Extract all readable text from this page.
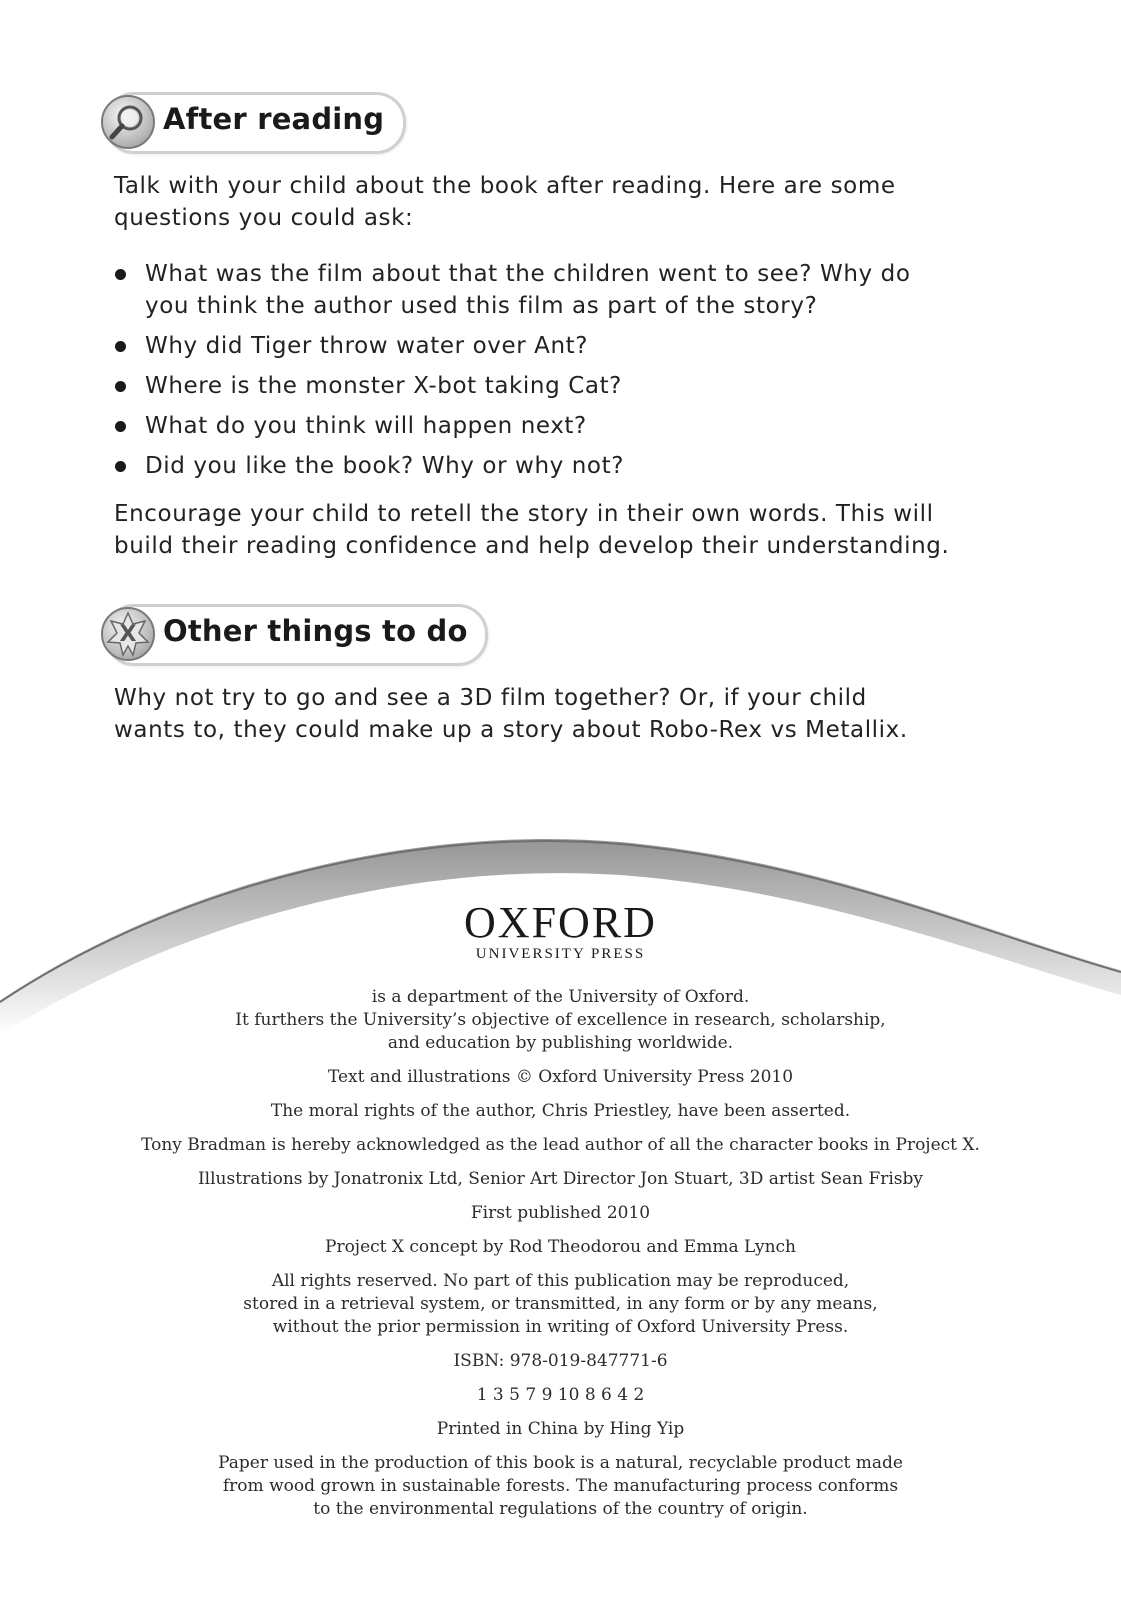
After reading
Talk with your child about the book after reading. Here are some
questions you could ask:
What was the film about that the children went to see? Why do
you think the author used this film as part of the story?
Why did Tiger throw water over Ant?
Where is the monster X-bot taking Cat?
What do you think will happen next?
Did you like the book? Why or why not?
Encourage your child to retell the story in their own words. This will
build their reading confidence and help develop their understanding.
X Other things to do
Why not try to go and see a 3D film together? Or, if your child
wants to, they could make up a story about Robo-Rex vs Metallix.
OXFORD
UNIVERSITY PRESS

is a department of the University of Oxford.
It furthers the University’s objective of excellence in research, scholarship,
and education by publishing worldwide.

Text and illustrations © Oxford University Press 2010

The moral rights of the author, Chris Priestley, have been asserted.

Tony Bradman is hereby acknowledged as the lead author of all the character books in Project X.

Illustrations by Jonatronix Ltd, Senior Art Director Jon Stuart, 3D artist Sean Frisby

First published 2010

Project X concept by Rod Theodorou and Emma Lynch

All rights reserved. No part of this publication may be reproduced,
stored in a retrieval system, or transmitted, in any form or by any means,
without the prior permission in writing of Oxford University Press.

ISBN: 978-019-847771-6

1 3 5 7 9 10 8 6 4 2

Printed in China by Hing Yip

Paper used in the production of this book is a natural, recyclable product made
from wood grown in sustainable forests. The manufacturing process conforms
to the environmental regulations of the country of origin.
